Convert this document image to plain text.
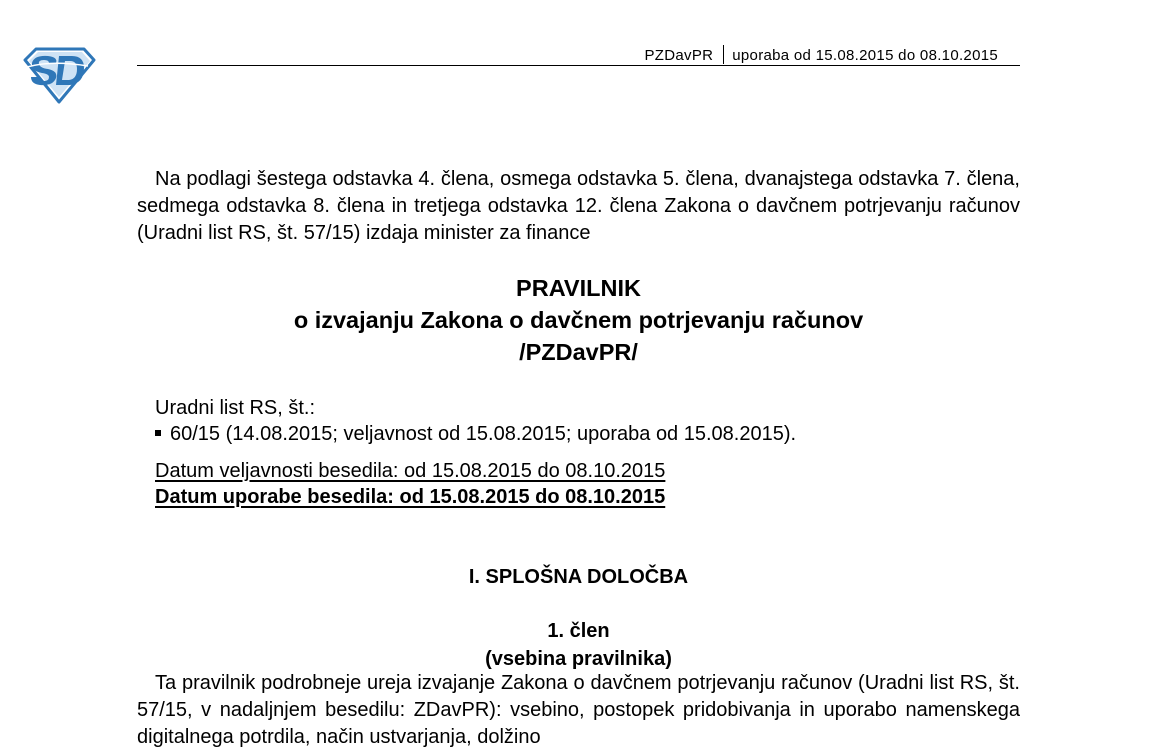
PZDavPR uporaba od 15.08.2015 do 08.10.2015

Na podlagi šestega odstavka 4. člena, osmega odstavka 5. člena, dvanajstega odstavka 7. člena, sedmega odstavka 8. člena in tretjega odstavka 12. člena Zakona o davčnem potrjevanju računov (Uradni list RS, št. 57/15) izdaja minister za finance

PRAVILNIK
o izvajanju Zakona o davčnem potrjevanju računov
/PZDavPR/
Uradni list RS, št.:
60/15 (14.08.2015; veljavnost od 15.08.2015; uporaba od 15.08.2015).
Datum veljavnosti besedila: od 15.08.2015 do 08.10.2015
Datum uporabe besedila: od 15.08.2015 do 08.10.2015
I. SPLOŠNA DOLOČBA
1. člen
(vsebina pravilnika)

Ta pravilnik podrobneje ureja izvajanje Zakona o davčnem potrjevanju računov (Uradni list RS, št. 57/15, v nadaljnjem besedilu: ZDavPR): vsebino, postopek pridobivanja in uporabo namenskega digitalnega potrdila, način ustvarjanja, dolžino
